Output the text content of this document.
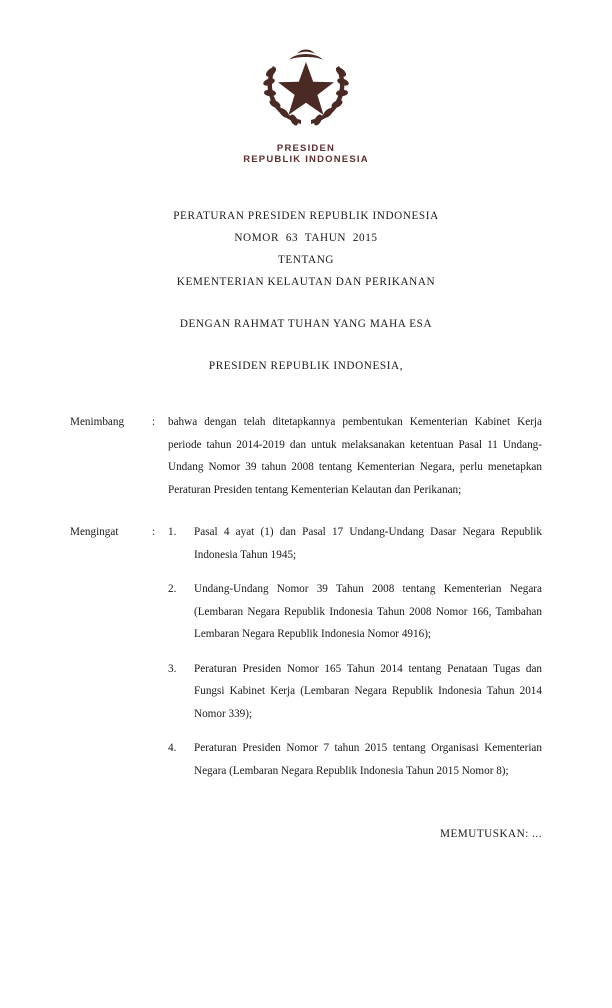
PRESIDEN
REPUBLIK INDONESIA
PERATURAN PRESIDEN REPUBLIK INDONESIA
NOMOR  63  TAHUN  2015
TENTANG
KEMENTERIAN KELAUTAN DAN PERIKANAN
DENGAN RAHMAT TUHAN YANG MAHA ESA
PRESIDEN REPUBLIK INDONESIA,
Menimbang	:	bahwa dengan telah ditetapkannya pembentukan Kementerian Kabinet Kerja periode tahun 2014-2019 dan untuk melaksanakan ketentuan Pasal 11 Undang-Undang Nomor 39 tahun 2008 tentang Kementerian Negara, perlu menetapkan Peraturan Presiden tentang Kementerian Kelautan dan Perikanan;

Mengingat	:	Pasal 4 ayat (1) dan Pasal 17 Undang-Undang Dasar Negara Republik Indonesia Tahun 1945;
Undang-Undang Nomor 39 Tahun 2008 tentang Kementerian Negara (Lembaran Negara Republik Indonesia Tahun 2008 Nomor 166, Tambahan Lembaran Negara Republik Indonesia Nomor 4916);
Peraturan Presiden Nomor 165 Tahun 2014 tentang Penataan Tugas dan Fungsi Kabinet Kerja (Lembaran Negara Republik Indonesia Tahun 2014 Nomor 339);
Peraturan Presiden Nomor 7 tahun 2015 tentang Organisasi Kementerian Negara (Lembaran Negara Republik Indonesia Tahun 2015 Nomor 8);
MEMUTUSKAN: ...
